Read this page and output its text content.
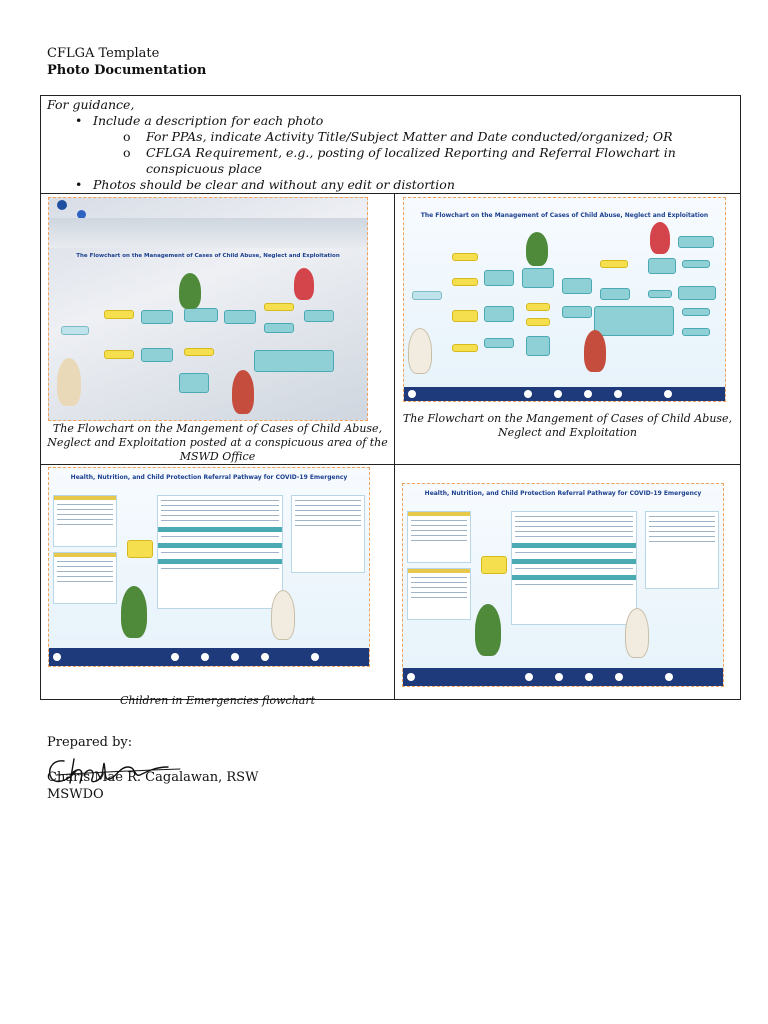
CFLGA Template
Photo Documentation
For guidance,
• Include a description for each photo
o For PPAs, indicate Activity Title/Subject Matter and Date conducted/organized; OR
o CFLGA Requirement, e.g., posting of localized Reporting and Referral Flowchart in conspicuous place
• Photos should be clear and without any edit or distortion
The Flowchart on the Management of Cases of Child Abuse, Neglect and Exploitation
The Flowchart on the Mangement of Cases of Child Abuse, Neglect and Exploitation posted at a conspicuous area of the MSWD Office
The Flowchart on the Management of Cases of Child Abuse, Neglect and Exploitation
The Flowchart on the Mangement of Cases of Child Abuse, Neglect and Exploitation
Health, Nutrition, and Child Protection Referral Pathway for COVID-19 Emergency
Children in Emergencies flowchart
Health, Nutrition, and Child Protection Referral Pathway for COVID-19 Emergency
Prepared by:
Charis Mae R. Cagalawan, RSW
MSWDO
